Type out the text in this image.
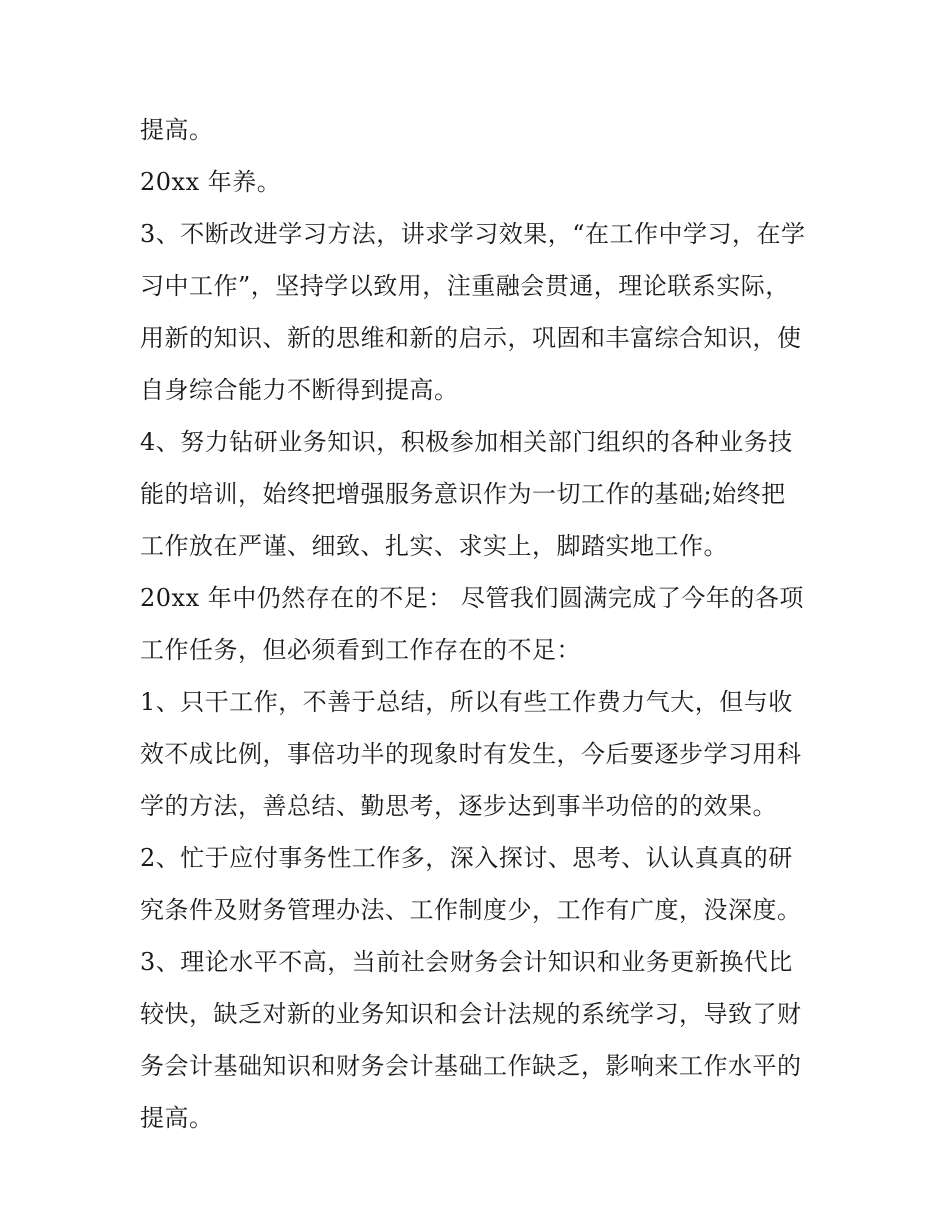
提高。
20xx 年养。
3、不断改进学习方法，讲求学习效果，“在工作中学习，在学
习中工作”，坚持学以致用，注重融会贯通，理论联系实际，
用新的知识、新的思维和新的启示，巩固和丰富综合知识，使
自身综合能力不断得到提高。
4、努力钻研业务知识，积极参加相关部门组织的各种业务技
能的培训，始终把增强服务意识作为一切工作的基础;始终把
工作放在严谨、细致、扎实、求实上，脚踏实地工作。
20xx 年中仍然存在的不足： 尽管我们圆满完成了今年的各项
工作任务，但必须看到工作存在的不足：
1、只干工作，不善于总结，所以有些工作费力气大，但与收
效不成比例，事倍功半的现象时有发生，今后要逐步学习用科
学的方法，善总结、勤思考，逐步达到事半功倍的的效果。
2、忙于应付事务性工作多，深入探讨、思考、认认真真的研
究条件及财务管理办法、工作制度少，工作有广度，没深度。
3、理论水平不高，当前社会财务会计知识和业务更新换代比
较快，缺乏对新的业务知识和会计法规的系统学习，导致了财
务会计基础知识和财务会计基础工作缺乏，影响来工作水平的
提高。
